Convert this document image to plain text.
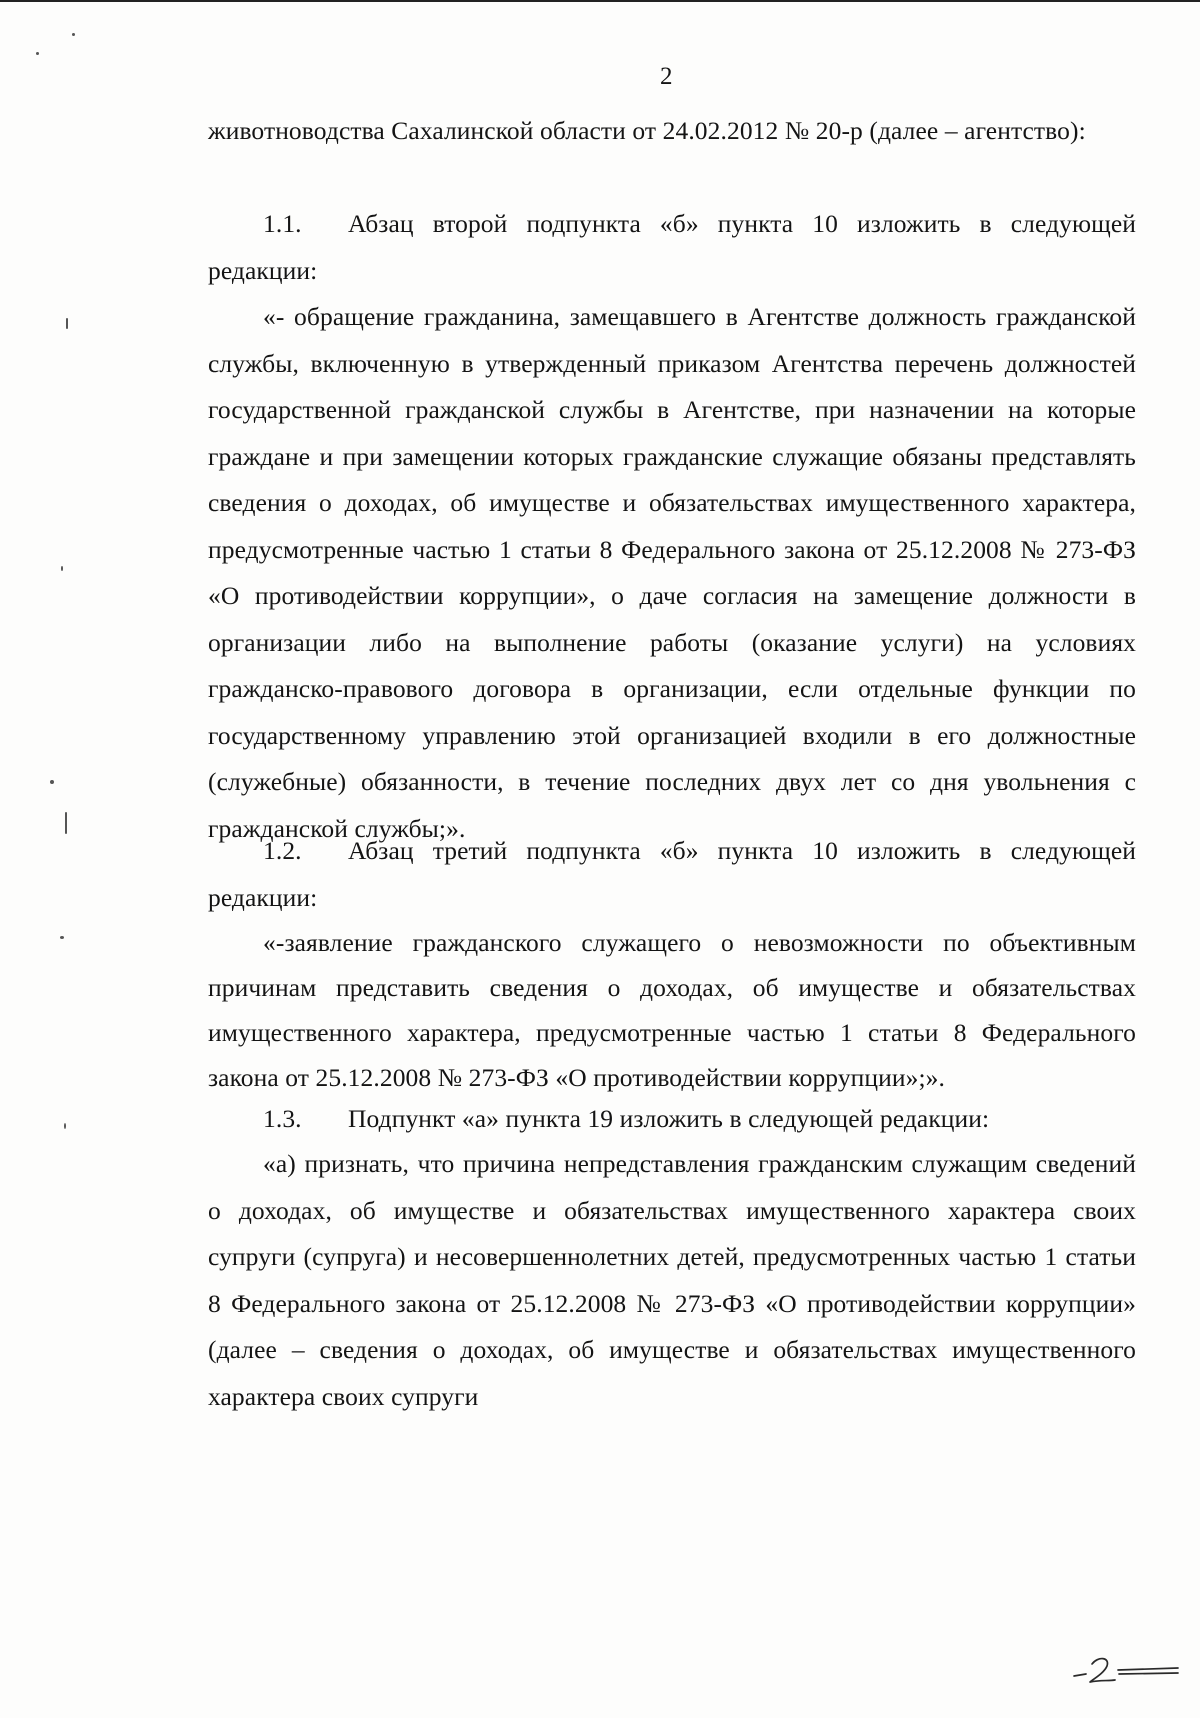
2
животноводства Сахалинской области от 24.02.2012 № 20-р (далее – агентство):
1.1. Абзац второй подпункта «б» пункта 10 изложить в следующей редакции:
«- обращение гражданина, замещавшего в Агентстве должность гражданской службы, включенную в утвержденный приказом Агентства перечень должностей государственной гражданской службы в Агентстве, при назначении на которые граждане и при замещении которых гражданские служащие обязаны представлять сведения о доходах, об имуществе и обязательствах имущественного характера, предусмотренные частью 1 статьи 8 Федерального закона от 25.12.2008 № 273-ФЗ «О противодействии коррупции», о даче согласия на замещение должности в организации либо на выполнение работы (оказание услуги) на условиях гражданско-правового договора в организации, если отдельные функции по государственному управлению этой организацией входили в его должностные (служебные) обязанности, в течение последних двух лет со дня увольнения с гражданской службы;».
1.2. Абзац третий подпункта «б» пункта 10 изложить в следующей редакции:
«-заявление гражданского служащего о невозможности по объективным причинам представить сведения о доходах, об имуществе и обязательствах имущественного характера, предусмотренные частью 1 статьи 8 Федерального закона от 25.12.2008 № 273-ФЗ «О противодействии коррупции»;».
1.3. Подпункт «а» пункта 19 изложить в следующей редакции:
«а) признать, что причина непредставления гражданским служащим сведений о доходах, об имуществе и обязательствах имущественного характера своих супруги (супруга) и несовершеннолетних детей, предусмотренных частью 1 статьи 8 Федерального закона от 25.12.2008 № 273-ФЗ «О противодействии коррупции» (далее – сведения о доходах, об имуществе и обязательствах имущественного характера своих супруги
